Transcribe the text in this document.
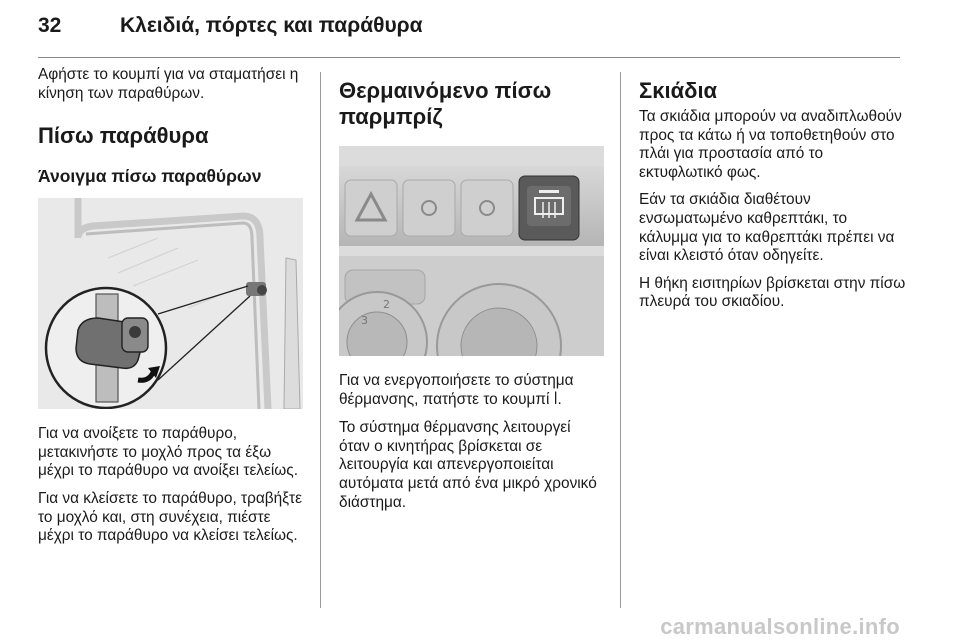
32	Κλειδιά, πόρτες και παράθυρα

Αφήστε το κουμπί για να σταματήσει η κίνηση των παραθύρων.

Πίσω παράθυρα
Άνοιγμα πίσω παραθύρων

Για να ανοίξετε το παράθυρο, μετακινήστε το μοχλό προς τα έξω μέχρι το παράθυρο να ανοίξει τελείως.

Για να κλείσετε το παράθυρο, τραβήξτε το μοχλό και, στη συνέχεια, πιέστε μέχρι το παράθυρο να κλείσει τελείως.

Θερμαινόμενο πίσω
παρμπρίζ
3
2

Για να ενεργοποιήσετε το σύστημα θέρμανσης, πατήστε το κουμπί ꟾ.

Το σύστημα θέρμανσης λειτουργεί όταν ο κινητήρας βρίσκεται σε λειτουργία και απενεργοποιείται αυτόματα μετά από ένα μικρό χρονικό διάστημα.

Σκιάδια

Τα σκιάδια μπορούν να αναδιπλωθούν προς τα κάτω ή να τοποθετηθούν στο πλάι για προστασία από το εκτυφλωτικό φως.

Εάν τα σκιάδια διαθέτουν ενσωματωμένο καθρεπτάκι, το κάλυμμα για το καθρεπτάκι πρέπει να είναι κλειστό όταν οδηγείτε.

Η θήκη εισιτηρίων βρίσκεται στην πίσω πλευρά του σκιαδίου.

carmanualsonline.info
